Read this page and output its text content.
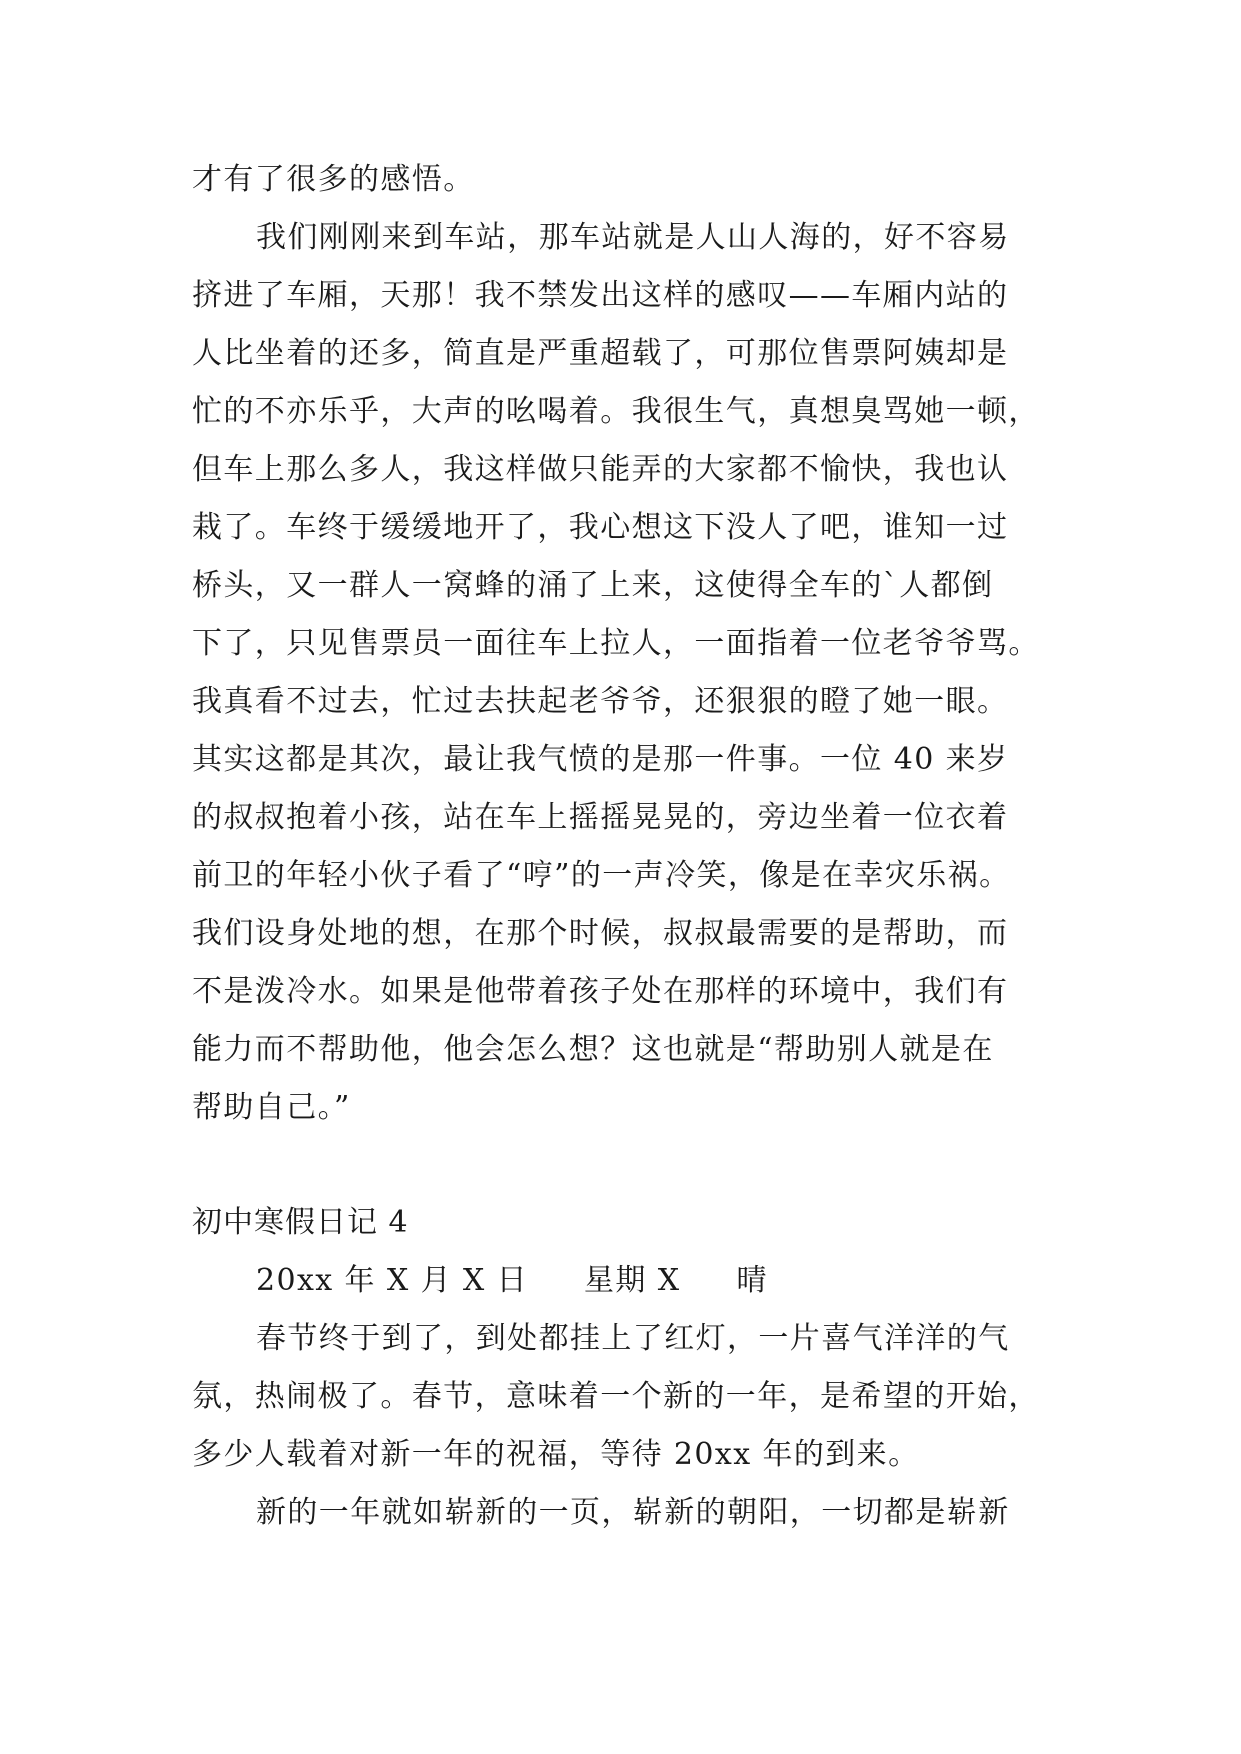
才有了很多的感悟。
我们刚刚来到车站，那车站就是人山人海的，好不容易
挤进了车厢，天那！我不禁发出这样的感叹——车厢内站的
人比坐着的还多，简直是严重超载了，可那位售票阿姨却是
忙的不亦乐乎，大声的吆喝着。我很生气，真想臭骂她一顿，
但车上那么多人，我这样做只能弄的大家都不愉快，我也认
栽了。车终于缓缓地开了，我心想这下没人了吧，谁知一过
桥头，又一群人一窝蜂的涌了上来，这使得全车的`人都倒
下了，只见售票员一面往车上拉人，一面指着一位老爷爷骂。
我真看不过去，忙过去扶起老爷爷，还狠狠的瞪了她一眼。
其实这都是其次，最让我气愤的是那一件事。一位 40 来岁
的叔叔抱着小孩，站在车上摇摇晃晃的，旁边坐着一位衣着
前卫的年轻小伙子看了“哼”的一声冷笑，像是在幸灾乐祸。
我们设身处地的想，在那个时候，叔叔最需要的是帮助，而
不是泼冷水。如果是他带着孩子处在那样的环境中，我们有
能力而不帮助他，他会怎么想？这也就是“帮助别人就是在
帮助自己。”
初中寒假日记 4
20xx 年 X 月 X 日 星期 X 晴
春节终于到了，到处都挂上了红灯，一片喜气洋洋的气
氛，热闹极了。春节，意味着一个新的一年，是希望的开始，
多少人载着对新一年的祝福，等待 20xx 年的到来。
新的一年就如崭新的一页，崭新的朝阳，一切都是崭新
